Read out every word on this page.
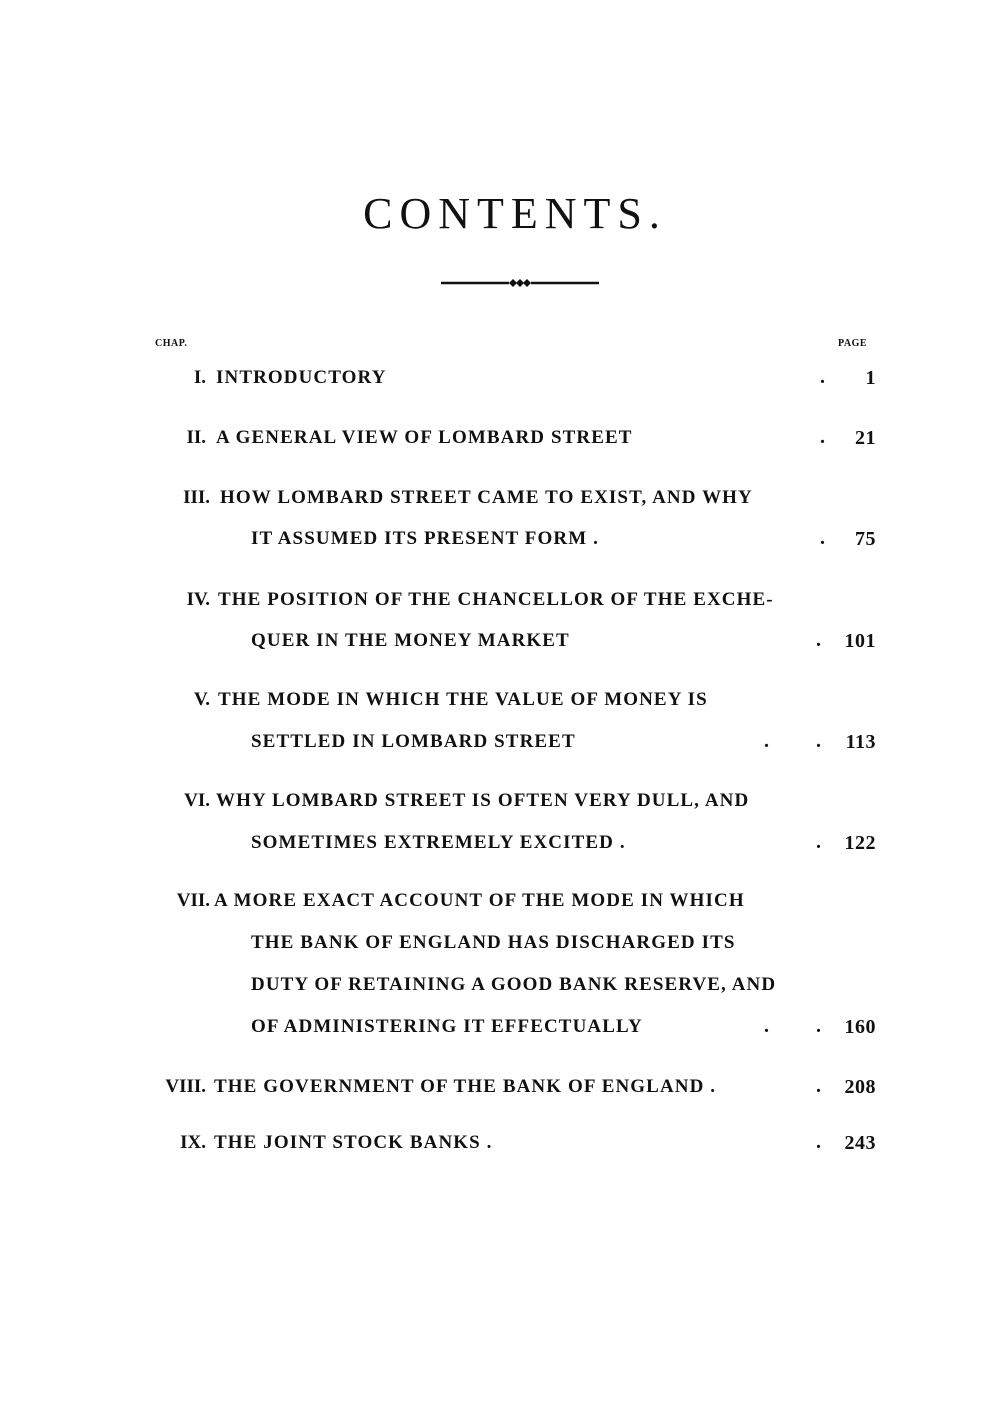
CONTENTS.
CHAP.	PAGE
I. INTRODUCTORY	.	1
II. A GENERAL VIEW OF LOMBARD STREET	.	21
III. HOW LOMBARD STREET CAME TO EXIST, AND WHY
IT ASSUMED ITS PRESENT FORM .	.	75
IV. THE POSITION OF THE CHANCELLOR OF THE EXCHE-
QUER IN THE MONEY MARKET	.	101
V. THE MODE IN WHICH THE VALUE OF MONEY IS
SETTLED IN LOMBARD STREET	. .	113
VI. WHY LOMBARD STREET IS OFTEN VERY DULL, AND
SOMETIMES EXTREMELY EXCITED .	.	122
VII. A MORE EXACT ACCOUNT OF THE MODE IN WHICH
THE BANK OF ENGLAND HAS DISCHARGED ITS
DUTY OF RETAINING A GOOD BANK RESERVE, AND
OF ADMINISTERING IT EFFECTUALLY	. .	160
VIII. THE GOVERNMENT OF THE BANK OF ENGLAND .	.	208
IX. THE JOINT STOCK BANKS .	.	243
